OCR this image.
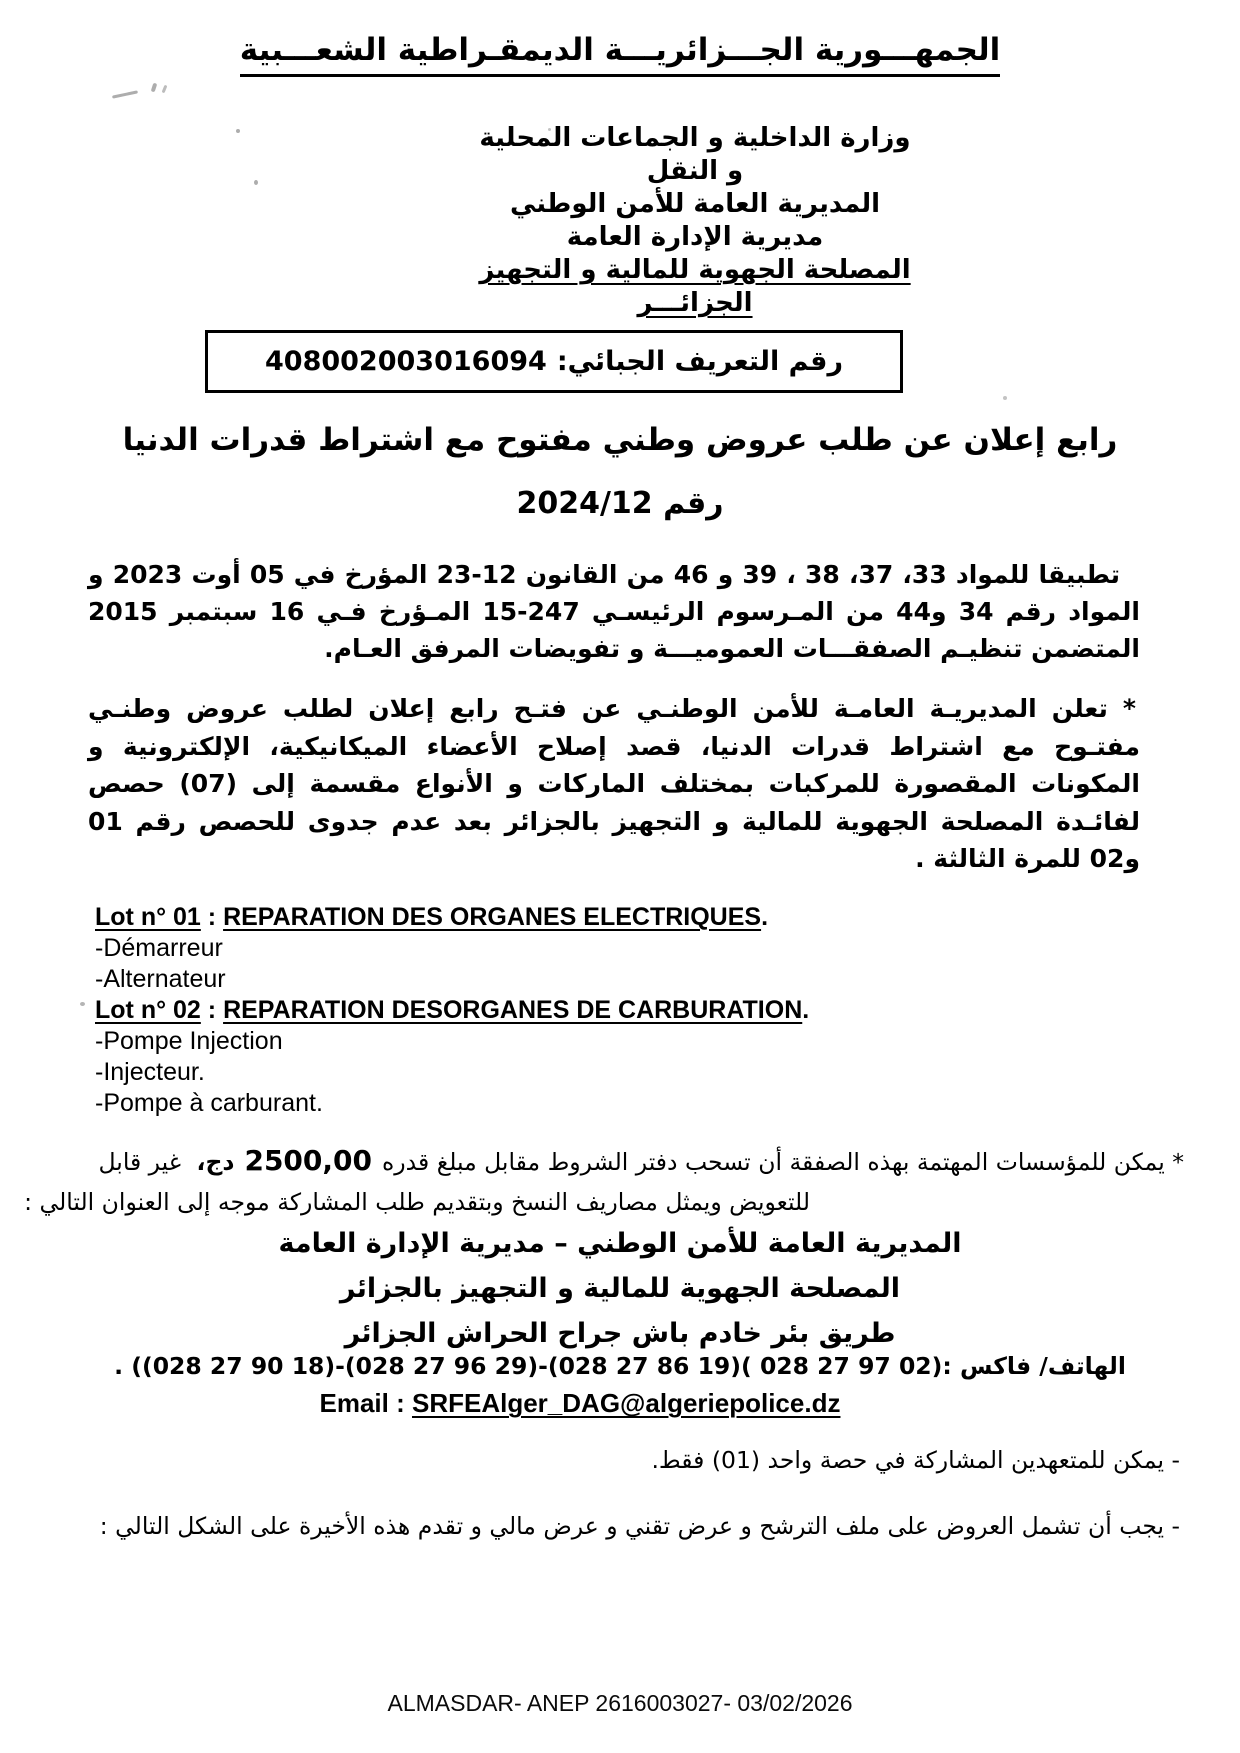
الجمهـــورية الجـــزائريـــة الديمقـراطية الشعـــبية
وزارة الداخلية و الجماعات المحلية
و النقل
المديرية العامة للأمن الوطني
مديرية الإدارة العامة
المصلحة الجهوية للمالية و التجهيز
الجزائـــر
رقم التعريف الجبائي:
408002003016094
رابع إعلان عن طلب عروض وطني مفتوح مع اشتراط قدرات الدنيا
رقم 2024/12
تطبيقا للمواد 33، 37، 38 ، 39 و 46 من القانون 12-23 المؤرخ في 05 أوت 2023 و المواد رقم 34 و44 من المـرسوم الرئيسـي 247-15 المـؤرخ فـي 16 سبتمبر 2015 المتضمن تنظيـم الصفقـــات العموميـــة و تفويضات المرفق العـام.
* تعلن المديريـة العامـة للأمن الوطنـي عن فتـح رابع إعلان لطلب عروض وطنـي مفتـوح مع اشتراط قدرات الدنيا، قصد إصلاح الأعضاء الميكانيكية، الإلكترونية و المكونات المقصورة للمركبات بمختلف الماركات و الأنواع مقسمة إلى (07) حصص لفائـدة المصلحة الجهوية للمالية و التجهيز بالجزائر بعد عدم جدوى للحصص رقم 01 و02 للمرة الثالثة .
Lot n° 01 : REPARATION DES ORGANES ELECTRIQUES.
-Démarreur
-Alternateur
Lot n° 02 : REPARATION DESORGANES DE CARBURATION.
-Pompe Injection
-Injecteur.
-Pompe à carburant.
* يمكن للمؤسسات المهتمة بهذه الصفقة أن تسحب دفتر الشروط مقابل مبلغ قدره2500,00دج، غير قابل
للتعويض ويمثل مصاريف النسخ وبتقديم طلب المشاركة موجه إلى العنوان التالي :
المديرية العامة للأمن الوطني – مديرية الإدارة العامة
المصلحة الجهوية للمالية و التجهيز بالجزائر
طريق بئر خادم باش جراح الحراش الجزائر
. ((028 27 90 18)-(028 27 96 29)-(028 27 86 19)( 028 27 97 02): الهاتف/ فاكس
Email : SRFEAlger_DAG@algeriepolice.dz
- يمكن للمتعهدين المشاركة في حصة واحد (01) فقط.
- يجب أن تشمل العروض على ملف الترشح و عرض تقني و عرض مالي و تقدم هذه الأخيرة على الشكل التالي :
ALMASDAR- ANEP 2616003027- 03/02/2026
